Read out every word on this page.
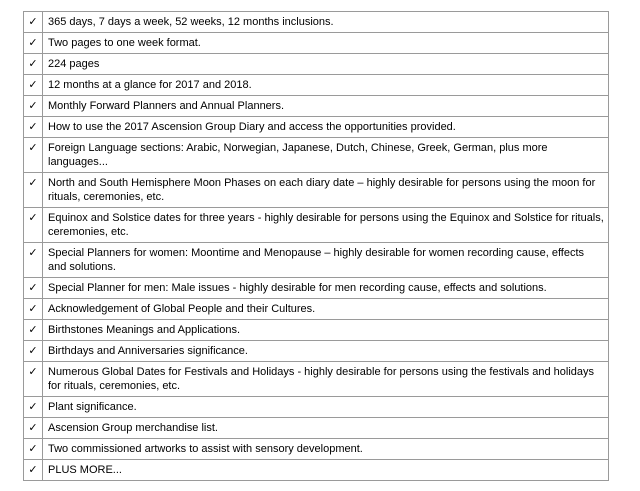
✓	365 days, 7 days a week, 52 weeks, 12 months inclusions.
✓	Two pages to one week format.
✓	224 pages
✓	12 months at a glance for 2017 and 2018.
✓	Monthly Forward Planners and Annual Planners.
✓	How to use the 2017 Ascension Group Diary and access the opportunities provided.
✓	Foreign Language sections: Arabic, Norwegian, Japanese, Dutch, Chinese, Greek, German, plus more languages...
✓	North and South Hemisphere Moon Phases on each diary date – highly desirable for persons using the moon for rituals, ceremonies, etc.
✓	Equinox and Solstice dates for three years - highly desirable for persons using the Equinox and Solstice for rituals, ceremonies, etc.
✓	Special Planners for women: Moontime and Menopause – highly desirable for women recording cause, effects and solutions.
✓	Special Planner for men: Male issues - highly desirable for men recording cause, effects and solutions.
✓	Acknowledgement of Global People and their Cultures.
✓	Birthstones Meanings and Applications.
✓	Birthdays and Anniversaries significance.
✓	Numerous Global Dates for Festivals and Holidays - highly desirable for persons using the festivals and holidays for rituals, ceremonies, etc.
✓	Plant significance.
✓	Ascension Group merchandise list.
✓	Two commissioned artworks to assist with sensory development.
✓	PLUS MORE...
